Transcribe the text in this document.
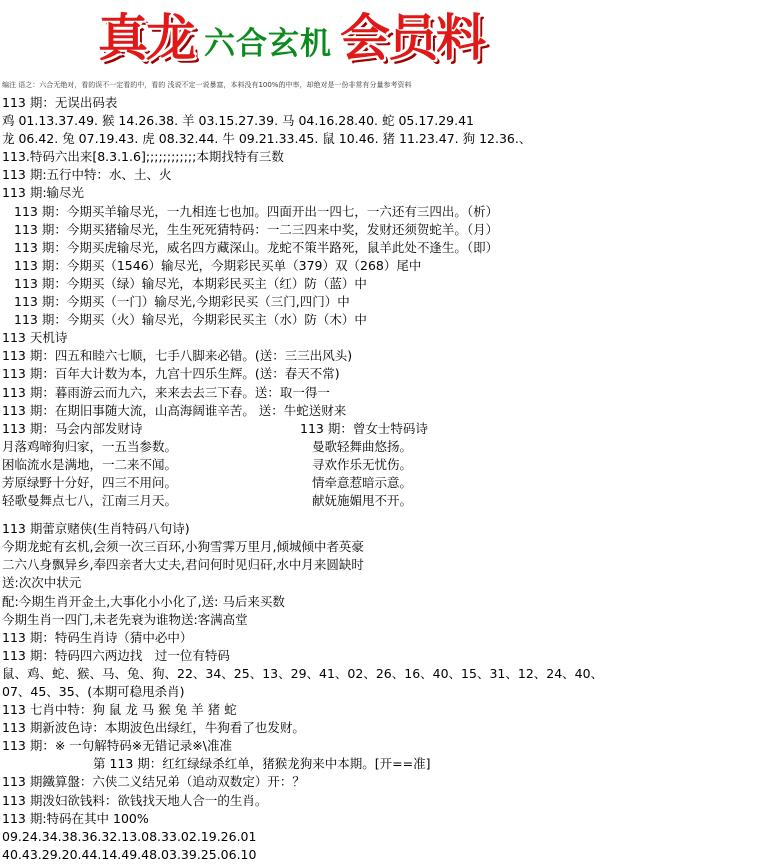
真龙 六合玄机 会员料
编注 语之：六合无绝对，看的误不一定看的中，看的 浅说不定一说暴富，本料没有100%的中率，却绝对是一份非常有分量参考资料
113 期：无误出码表
鸡 01.13.37.49. 猴 14.26.38. 羊 03.15.27.39. 马 04.16.28.40. 蛇 05.17.29.41
龙 06.42. 兔 07.19.43. 虎 08.32.44. 牛 09.21.33.45. 鼠 10.46. 猪 11.23.47. 狗 12.36.、
113.特码六出来[8.3.1.6];;;;;;;;;;;;本期找特有三数
113 期:五行中特：水、土、火
113 期:输尽光
113 期：今期买羊输尽光，一九相连七也加。四面开出一四七，一六还有三四出。（析）
113 期：今期买猪输尽光，生生死死猜特码：一二三四来中奖，发财还须贺蛇羊。（月）
113 期：今期买虎输尽光，威名四方藏深山。龙蛇不策半路死，鼠羊此处不逢生。（即）
113 期：今期买（1546）输尽光，今期彩民买单（379）双（268）尾中
113 期：今期买（绿）输尽光，本期彩民买主（红）防（蓝）中
113 期：今期买（一门）输尽光,今期彩民买（三门,四门）中
113 期：今期买（火）输尽光，今期彩民买主（水）防（木）中
113 天机诗
113 期：四五和睦六七顺，七手八脚来必错。(送：三三出风头)
113 期：百年大计数为本，九宫十四乐生辉。(送：春天不常)
113 期：暮雨游云而九六，来来去去三下春。送：取一得一
113 期：在期旧事随大流，山高海阔谁辛苦。 送：牛蛇送财来
113 期：马会内部发财诗	113 期：曾女士特码诗
月落鸡啼狗归家，一五当参数。	曼歌轻舞曲悠扬。
困临流水是满地，一二来不闻。	寻欢作乐无忧伤。
芳原绿野十分好，四三不用问。	情牵意惹暗示意。
轻歌曼舞点七八，江南三月天。	献妩施媚甩不开。
113 期蕾京赌侠(生肖特码八句诗)
今期龙蛇有玄机,会须一次三百环,小狗雪霁万里月,倾城倾中者英豪
二六八身飘异乡,奉四亲者大丈夫,君问何时见归矸,水中月来圆缺时
送:次次中状元
配:今期生肖开金土,大事化小小化了,送: 马后来买数
今期生肖一四门,未老先衰为谁物送:客满高堂
113 期：特码生肖诗（猜中必中）
113 期：特码四六两边找　过一位有特码
鼠、鸡、蛇、猴、马、兔、狗、22、34、25、13、29、41、02、26、16、40、15、31、12、24、40、
07、45、35、(本期可稳甩杀肖)
113 七肖中特：狗 鼠 龙 马 猴 兔 羊 猪 蛇
113 期新波色诗：本期波色出绿红，牛狗看了也发财。
113 期：※ 一句解特码※无错记录※\准准
第 113 期：红红绿绿杀红单，猪猴龙狗来中本期。[开==准]
113 期鐵算盤：六侠二义结兄弟（追动双数定）开：？
113 期泼妇欲钱料：欲钱找天地人合一的生肖。
113 期:特码在其中 100%
09.24.34.38.36.32.13.08.33.02.19.26.01
40.43.29.20.44.14.49.48.03.39.25.06.10
